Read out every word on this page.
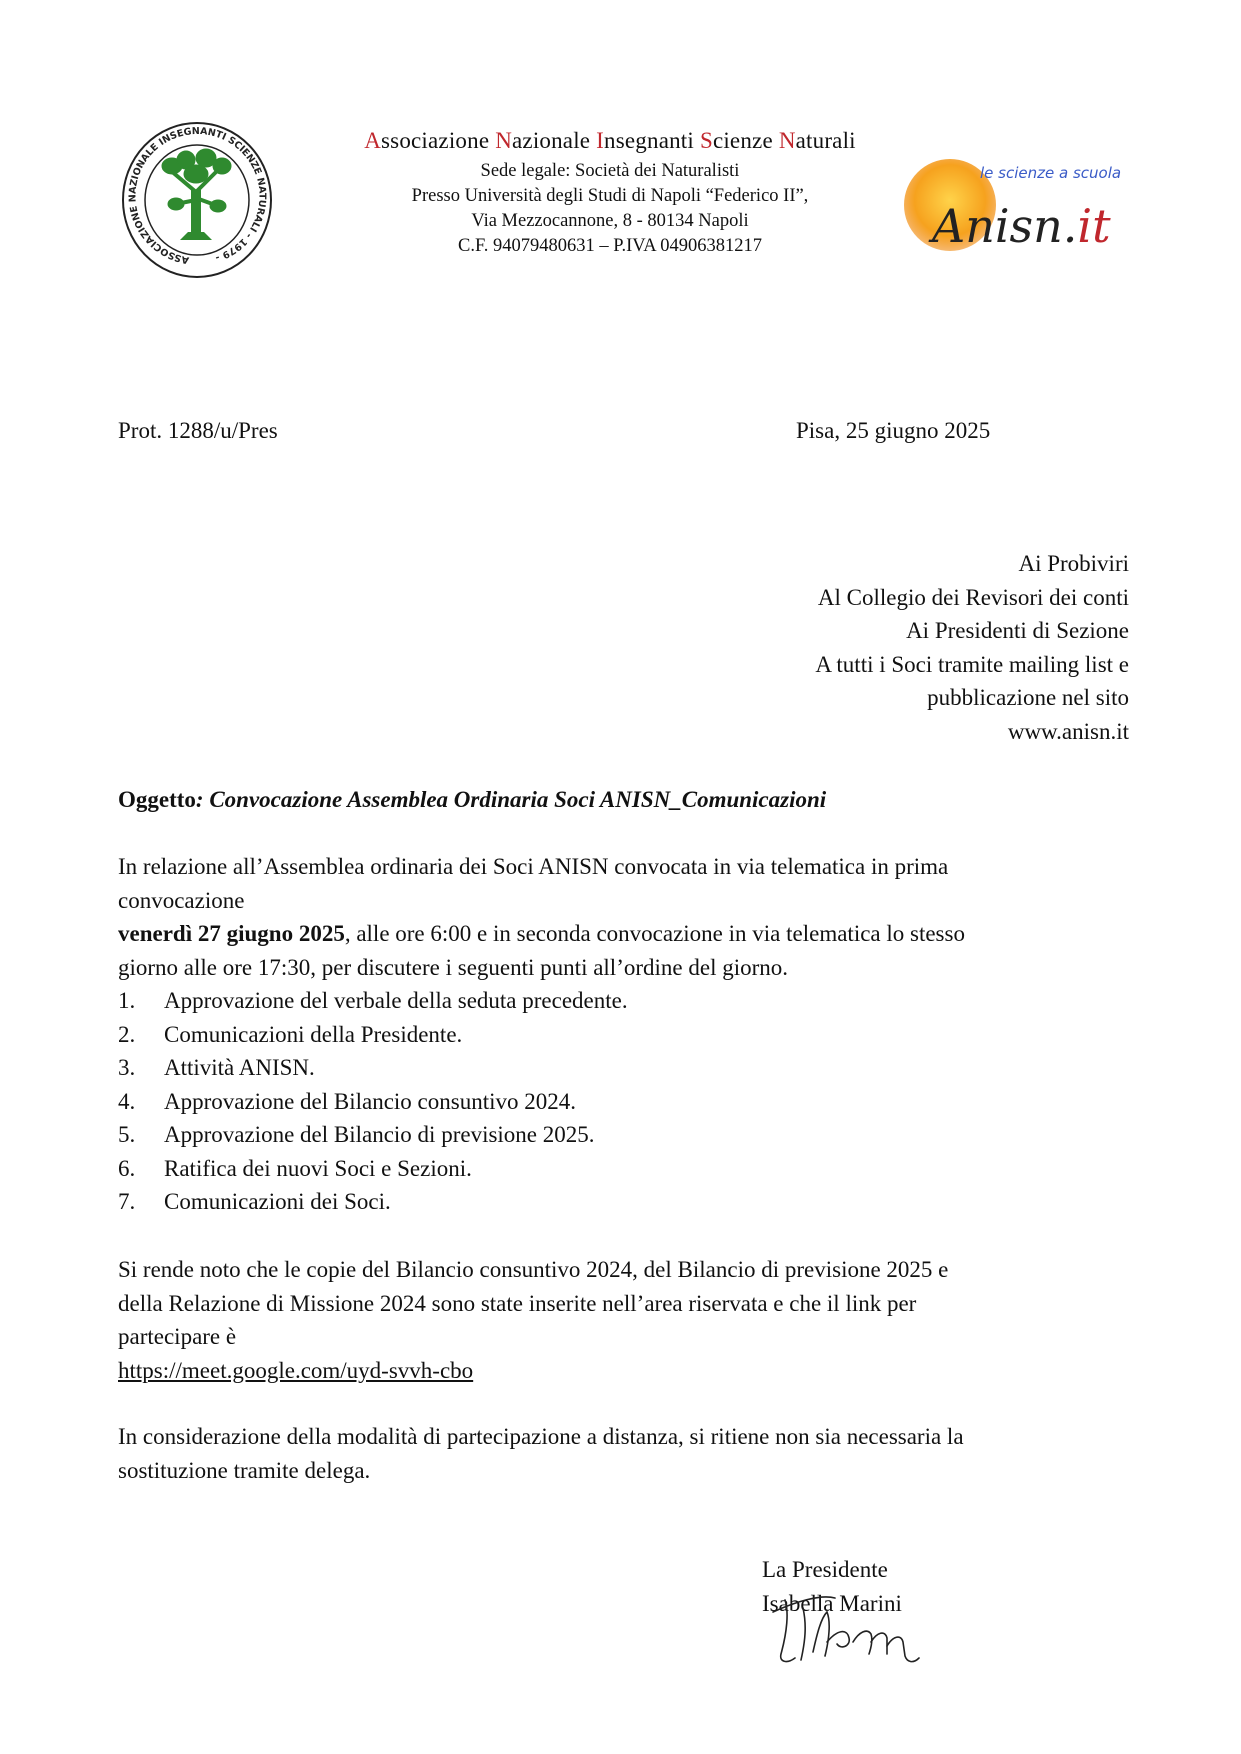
ASSOCIAZIONE NAZIONALE INSEGNANTI SCIENZE NATURALI - 1979 -
Associazione Nazionale Insegnanti Scienze Naturali
Sede legale: Società dei Naturalisti
Presso Università degli Studi di Napoli “Federico II”,
Via Mezzocannone, 8 - 80134 Napoli
C.F. 94079480631 – P.IVA 04906381217
le scienze a scuola
Anisn.it
Prot. 1288/u/Pres	Pisa, 25 giugno 2025
Ai Probiviri
Al Collegio dei Revisori dei conti
Ai Presidenti di Sezione
A tutti i Soci tramite mailing list e
pubblicazione nel sito
www.anisn.it
Oggetto: Convocazione Assemblea Ordinaria Soci ANISN_Comunicazioni
In relazione all’Assemblea ordinaria dei Soci ANISN convocata in via telematica in prima
convocazione
venerdì 27 giugno 2025, alle ore 6:00 e in seconda convocazione in via telematica lo stesso
giorno alle ore 17:30, per discutere i seguenti punti all’ordine del giorno.
1. Approvazione del verbale della seduta precedente.
2. Comunicazioni della Presidente.
3. Attività ANISN.
4. Approvazione del Bilancio consuntivo 2024.
5. Approvazione del Bilancio di previsione 2025.
6. Ratifica dei nuovi Soci e Sezioni.
7. Comunicazioni dei Soci.
Si rende noto che le copie del Bilancio consuntivo 2024, del Bilancio di previsione 2025 e
della Relazione di Missione 2024 sono state inserite nell’area riservata e che il link per
partecipare è
https://meet.google.com/uyd-svvh-cbo
In considerazione della modalità di partecipazione a distanza, si ritiene non sia necessaria la
sostituzione tramite delega.
La Presidente
Isabella Marini
